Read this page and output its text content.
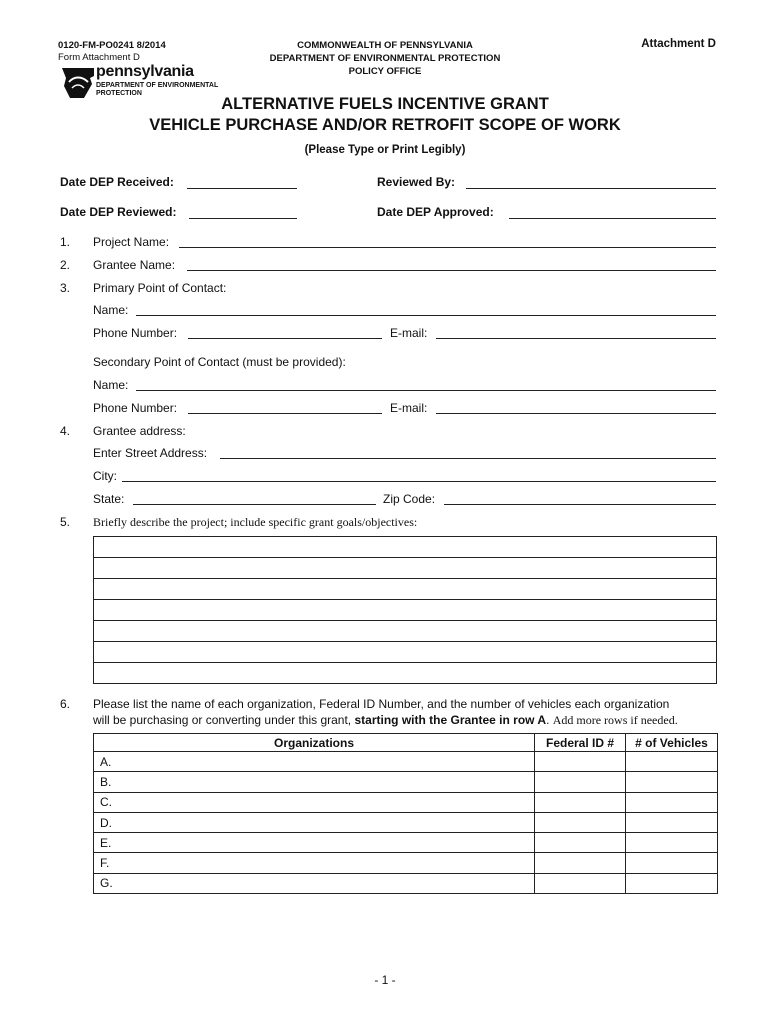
0120-FM-PO0241 8/2014
Form Attachment D
pennsylvania
DEPARTMENT OF ENVIRONMENTAL
PROTECTION
COMMONWEALTH OF PENNSYLVANIA
DEPARTMENT OF ENVIRONMENTAL PROTECTION
POLICY OFFICE
Attachment D
ALTERNATIVE FUELS INCENTIVE GRANT
VEHICLE PURCHASE AND/OR RETROFIT SCOPE OF WORK
(Please Type or Print Legibly)
Date DEP Received:	Reviewed By:
Date DEP Reviewed:	Date DEP Approved:
1. Project Name:
2. Grantee Name:
3. Primary Point of Contact:
Name:
Phone Number:	E-mail:
Secondary Point of Contact (must be provided):
Name:
Phone Number:	E-mail:
4. Grantee address:
Enter Street Address:
City:
State:	Zip Code:
5. Briefly describe the project; include specific grant goals/objectives:

6. Please list the name of each organization, Federal ID Number, and the number of vehicles each organization
will be purchasing or converting under this grant, starting with the Grantee in row A. Add more rows if needed.
Organizations	Federal ID #	# of Vehicles
A.		
B.		
C.		
D.		
E.		
F.		
G.		
- 1 -
